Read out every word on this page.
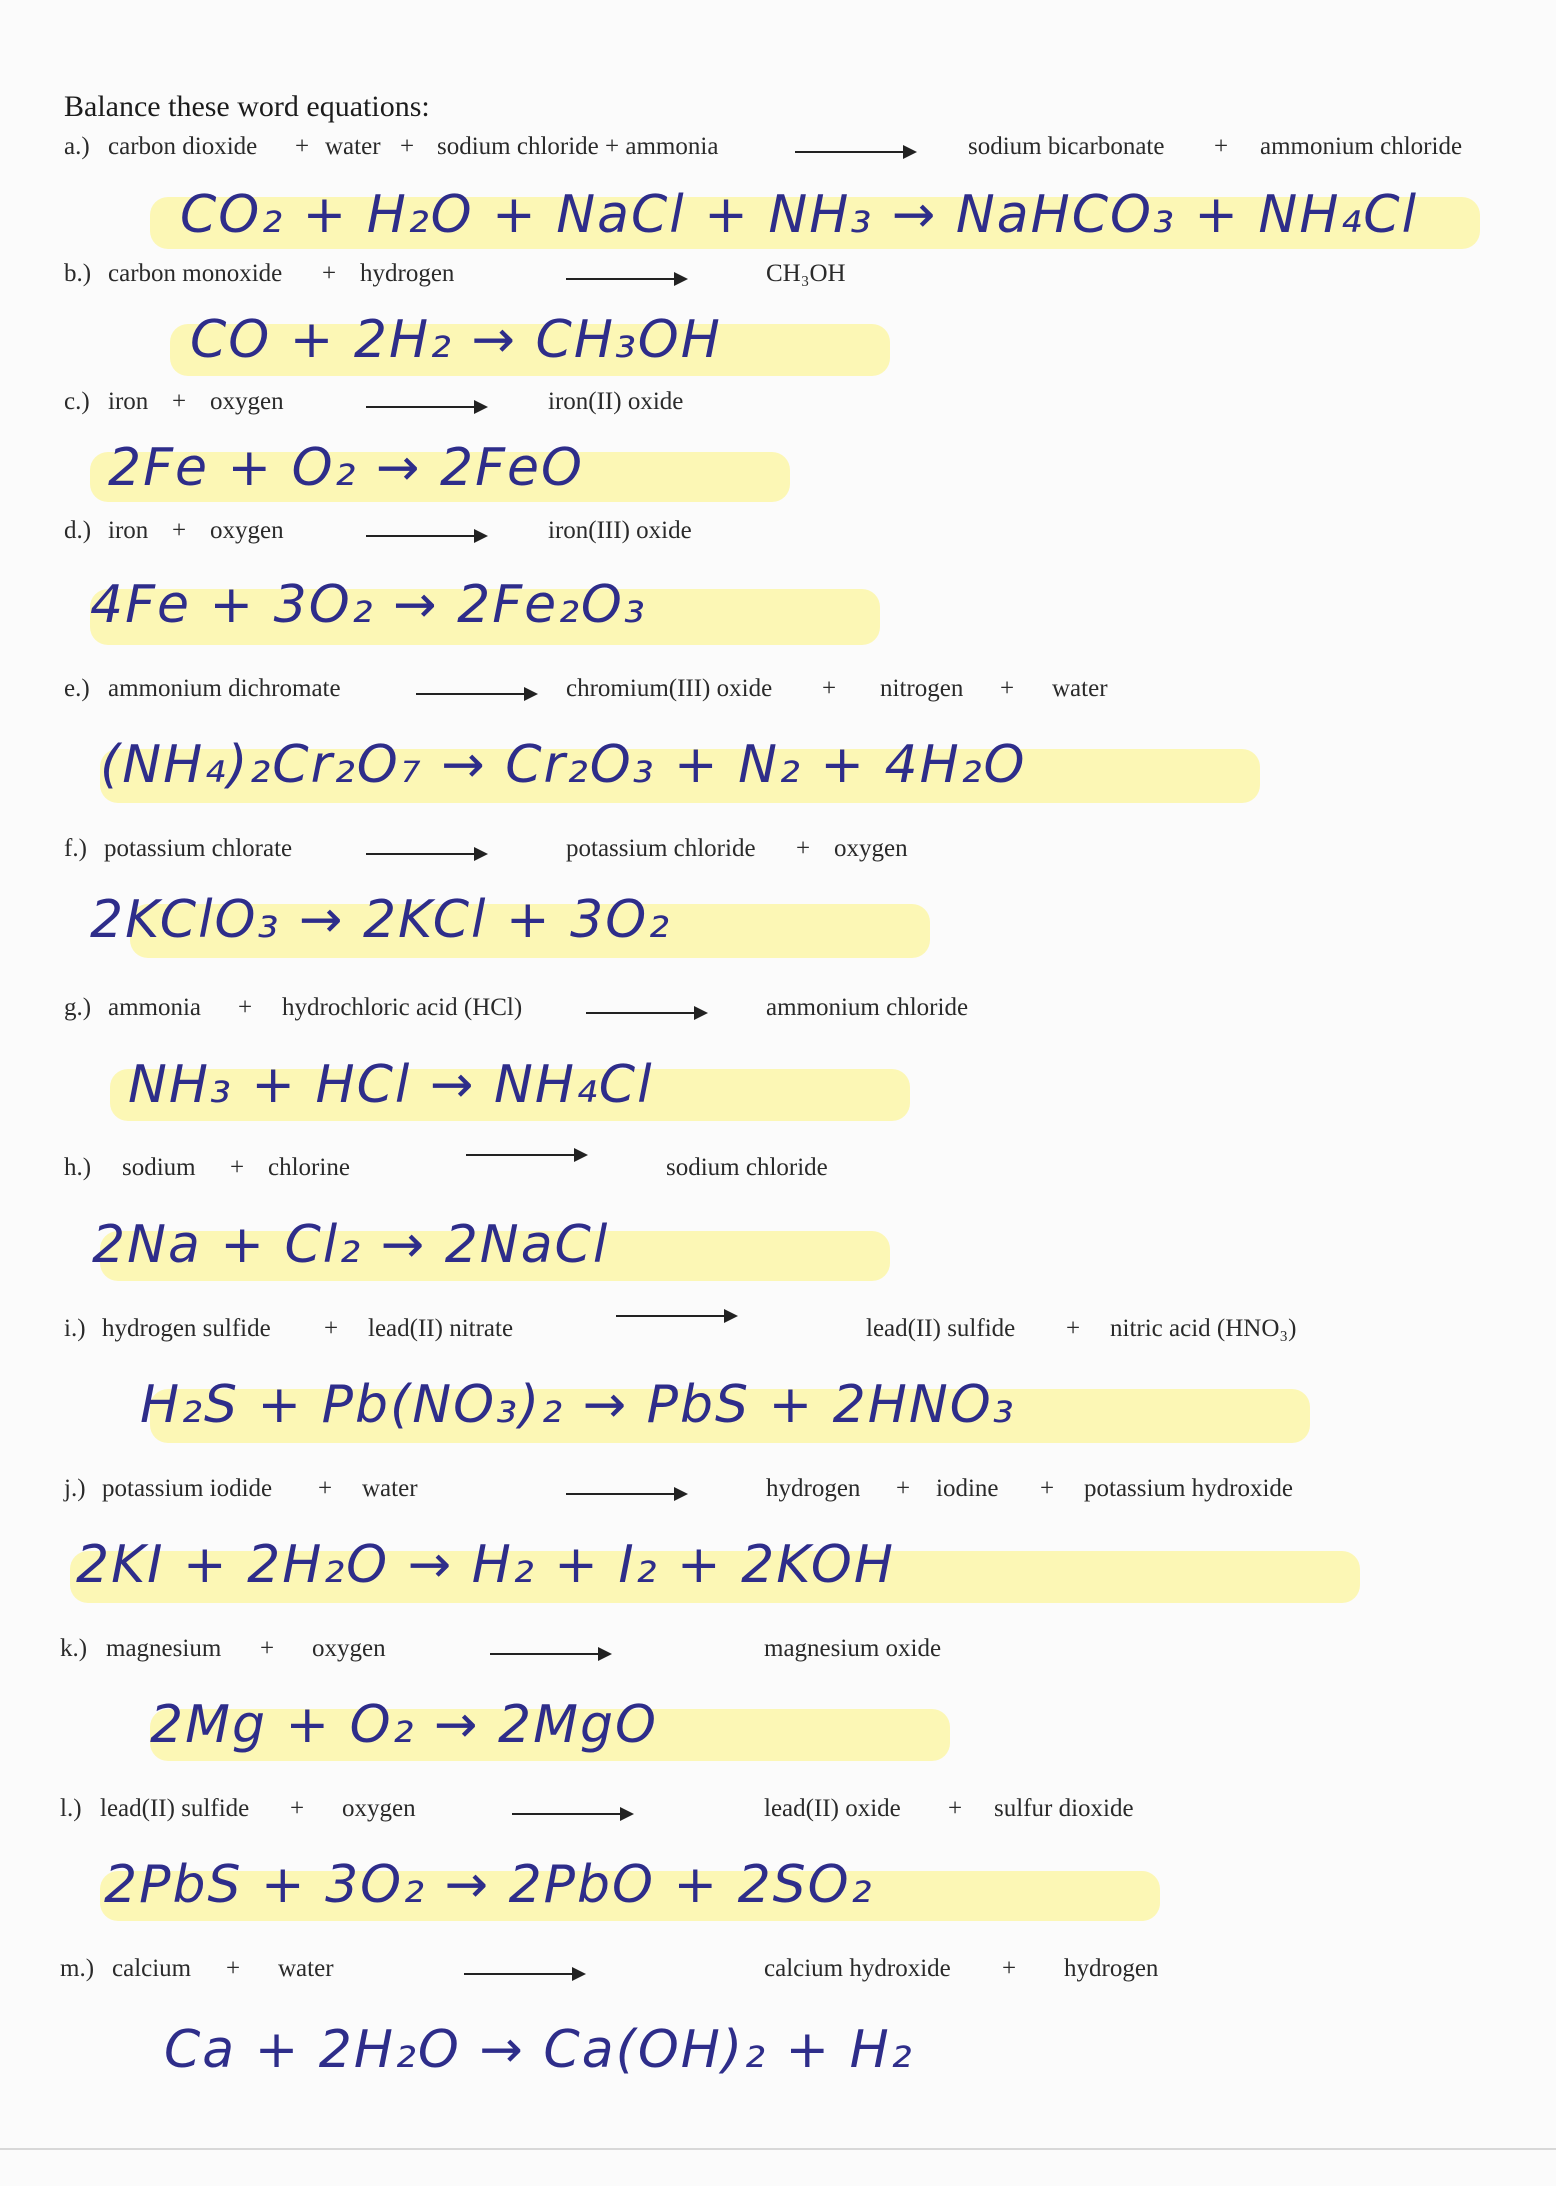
Balance these word equations:
a.) carbon dioxide + water + sodium chloride + ammonia	sodium bicarbonate + ammonium chloride
CO₂ + H₂O + NaCl + NH₃ → NaHCO₃ + NH₄Cl
b.) carbon monoxide + hydrogen	CH₃OH
CO + 2H₂ → CH₃OH
c.) iron + oxygen	iron(II) oxide
2Fe + O₂ → 2FeO
d.) iron + oxygen	iron(III) oxide
4Fe + 3O₂ → 2Fe₂O₃
e.) ammonium dichromate	chromium(III) oxide + nitrogen + water
(NH₄)₂Cr₂O₇ → Cr₂O₃ + N₂ + 4H₂O
f.) potassium chlorate	potassium chloride + oxygen
2KClO₃ → 2KCl + 3O₂
g.) ammonia + hydrochloric acid (HCl)	ammonium chloride
NH₃ + HCl → NH₄Cl
h.) sodium + chlorine	sodium chloride
2Na + Cl₂ → 2NaCl
i.) hydrogen sulfide + lead(II) nitrate	lead(II) sulfide + nitric acid (HNO₃)
H₂S + Pb(NO₃)₂ → PbS + 2HNO₃
j.) potassium iodide + water	hydrogen + iodine + potassium hydroxide
2KI + 2H₂O → H₂ + I₂ + 2KOH
k.) magnesium + oxygen	magnesium oxide
2Mg + O₂ → 2MgO
l.) lead(II) sulfide + oxygen	lead(II) oxide + sulfur dioxide
2PbS + 3O₂ → 2PbO + 2SO₂
m.) calcium + water	calcium hydroxide + hydrogen
Ca + 2H₂O → Ca(OH)₂ + H₂
